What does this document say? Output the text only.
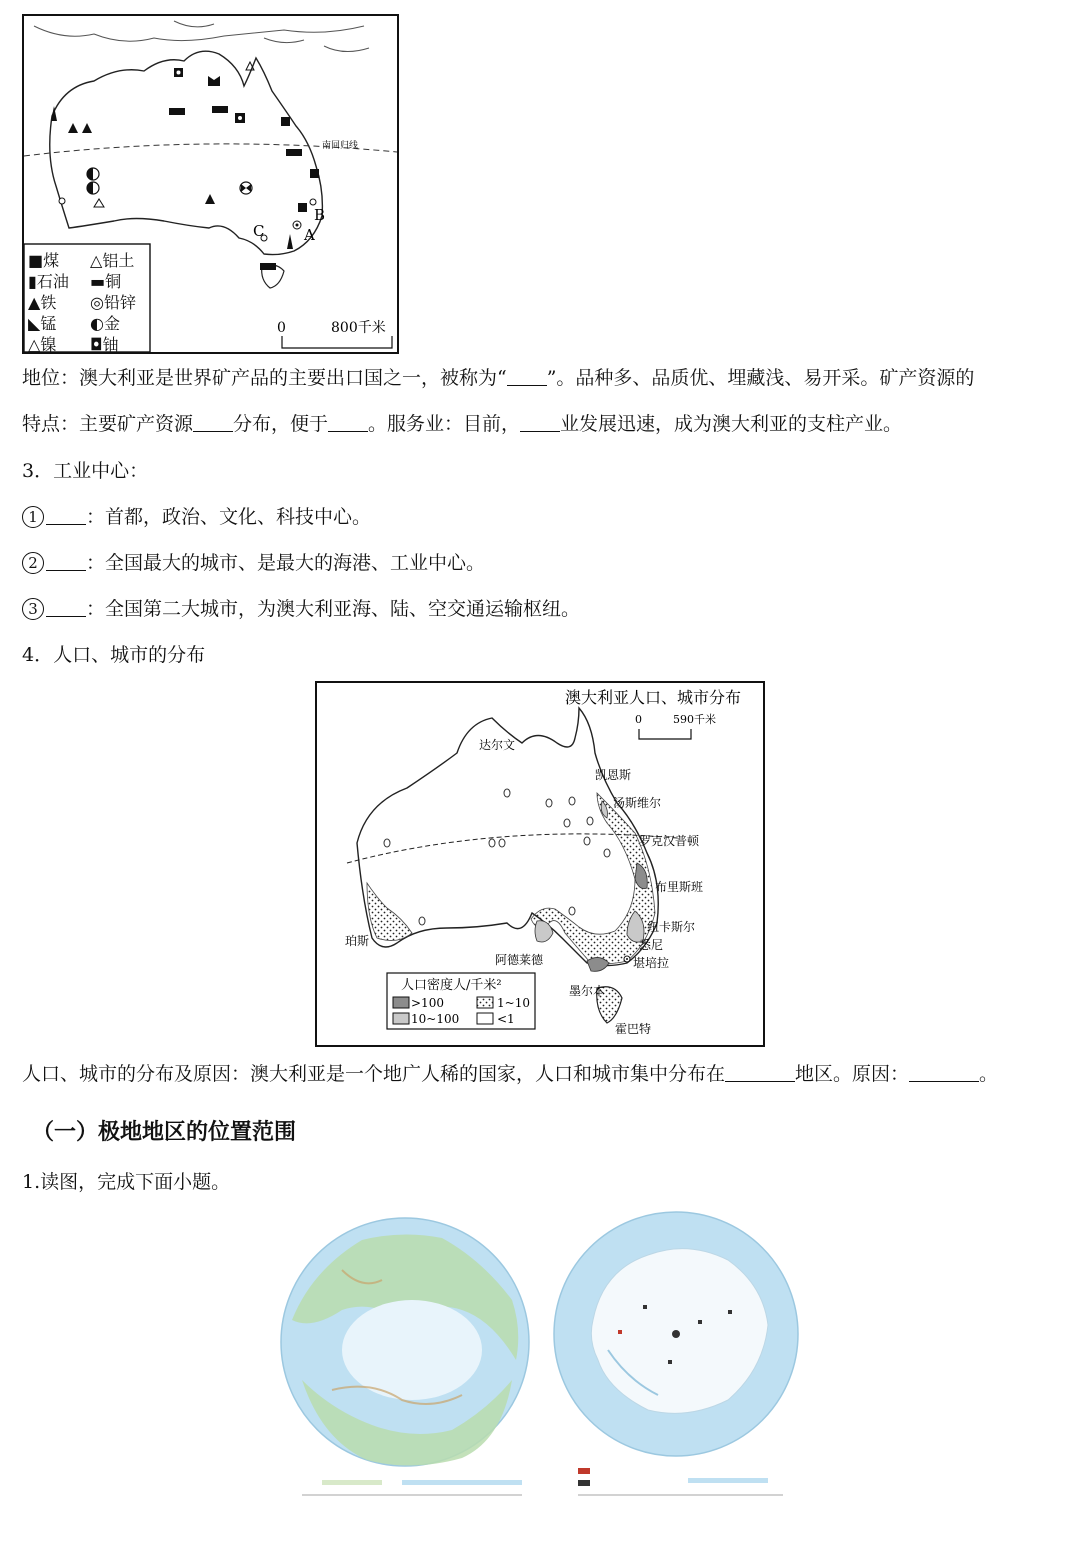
南回归线
B
A
C
0	800千米
■煤 △铝土
▮石油 ▬铜
▲铁 ◎铅锌
◣锰 ◐金
△镍 ◘铀
地位：澳大利亚是世界矿产品的主要出口国之一，被称为“ ”。品种多、品质优、埋藏浅、易开采。矿产资源的
特点：主要矿产资源 分布，便于 。服务业：目前， 业发展迅速，成为澳大利亚的支柱产业。
3．工业中心：
1	：首都，政治、文化、科技中心。
2	：全国最大的城市、是最大的海港、工业中心。
3	：全国第二大城市，为澳大利亚海、陆、空交通运输枢纽。
4．人口、城市的分布
0	590千米
澳大利亚人口、城市分布
达尔文
凯恩斯
汤斯维尔
罗克汉普顿
布里斯班
纽卡斯尔
悉尼
堪培拉
墨尔本
阿德莱德
珀斯
霍巴特
人口密度人/千米²
>100	1~10
10~100	<1
人口、城市的分布及原因：澳大利亚是一个地广人稀的国家，人口和城市集中分布在	地区。原因：	。
（一）极地地区的位置范围
1.读图，完成下面小题。
